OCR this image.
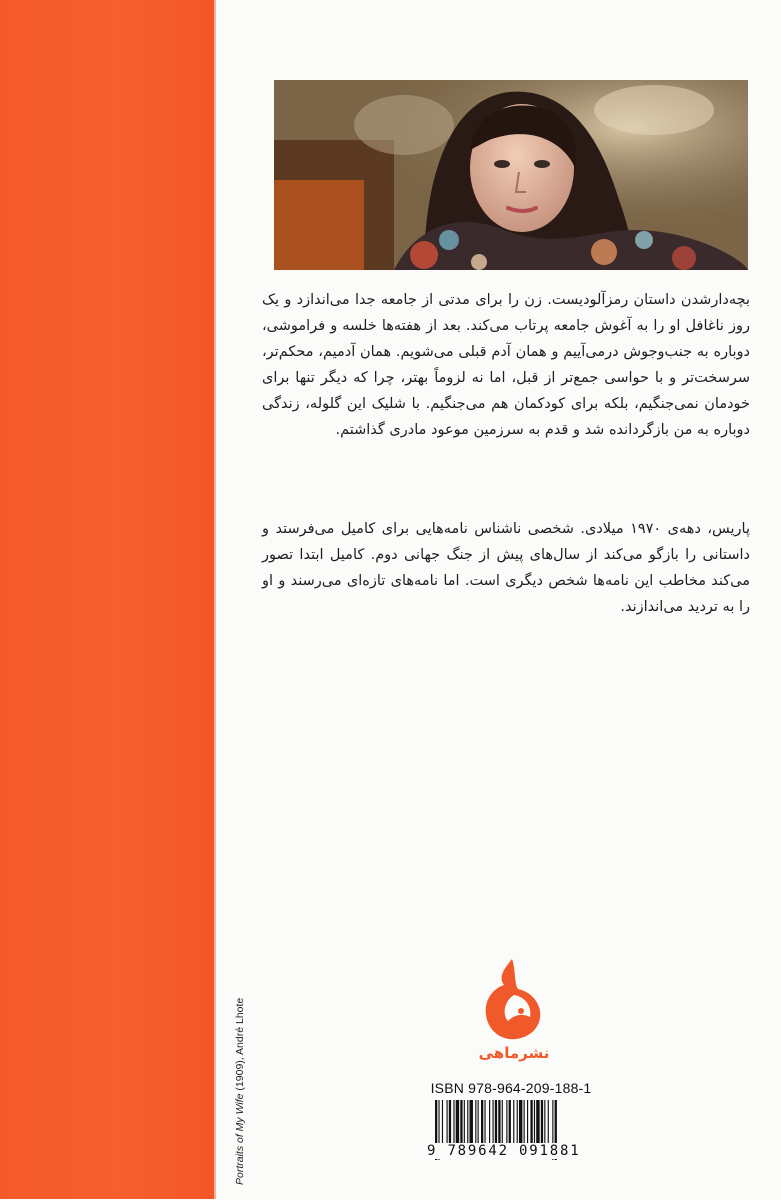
Portraits of My Wife (1909), André Lhote

بچه‌دارشدن داستان رمزآلودیست. زن را برای مدتی از جامعه جدا می‌اندازد و یک روز ناغافل او را به آغوش جامعه پرتاب می‌کند. بعد از هفته‌ها خلسه و فراموشی، دوباره به جنب‌وجوش درمی‌آییم و همان آدم قبلی می‌شویم. همان آدمیم، محکم‌تر، سرسخت‌تر و با حواسی جمع‌تر از قبل، اما نه لزوماً بهتر، چرا که دیگر تنها برای خودمان نمی‌جنگیم، بلکه برای کودکمان هم می‌جنگیم. با شلیک این گلوله، زندگی دوباره به من بازگردانده شد و قدم به سرزمین موعود مادری گذاشتم.

پاریس، دهه‌ی ۱۹۷۰ میلادی. شخصی ناشناس نامه‌هایی برای کامیل می‌فرستد و داستانی را بازگو می‌کند از سال‌های پیش از جنگ جهانی دوم. کامیل ابتدا تصور می‌کند مخاطب این نامه‌ها شخص دیگری است. اما نامه‌های تازه‌ای می‌رسند و او را به تردید می‌اندازند.

نشرماهی
ISBN 978-964-209-188-1
9 789642 091881
